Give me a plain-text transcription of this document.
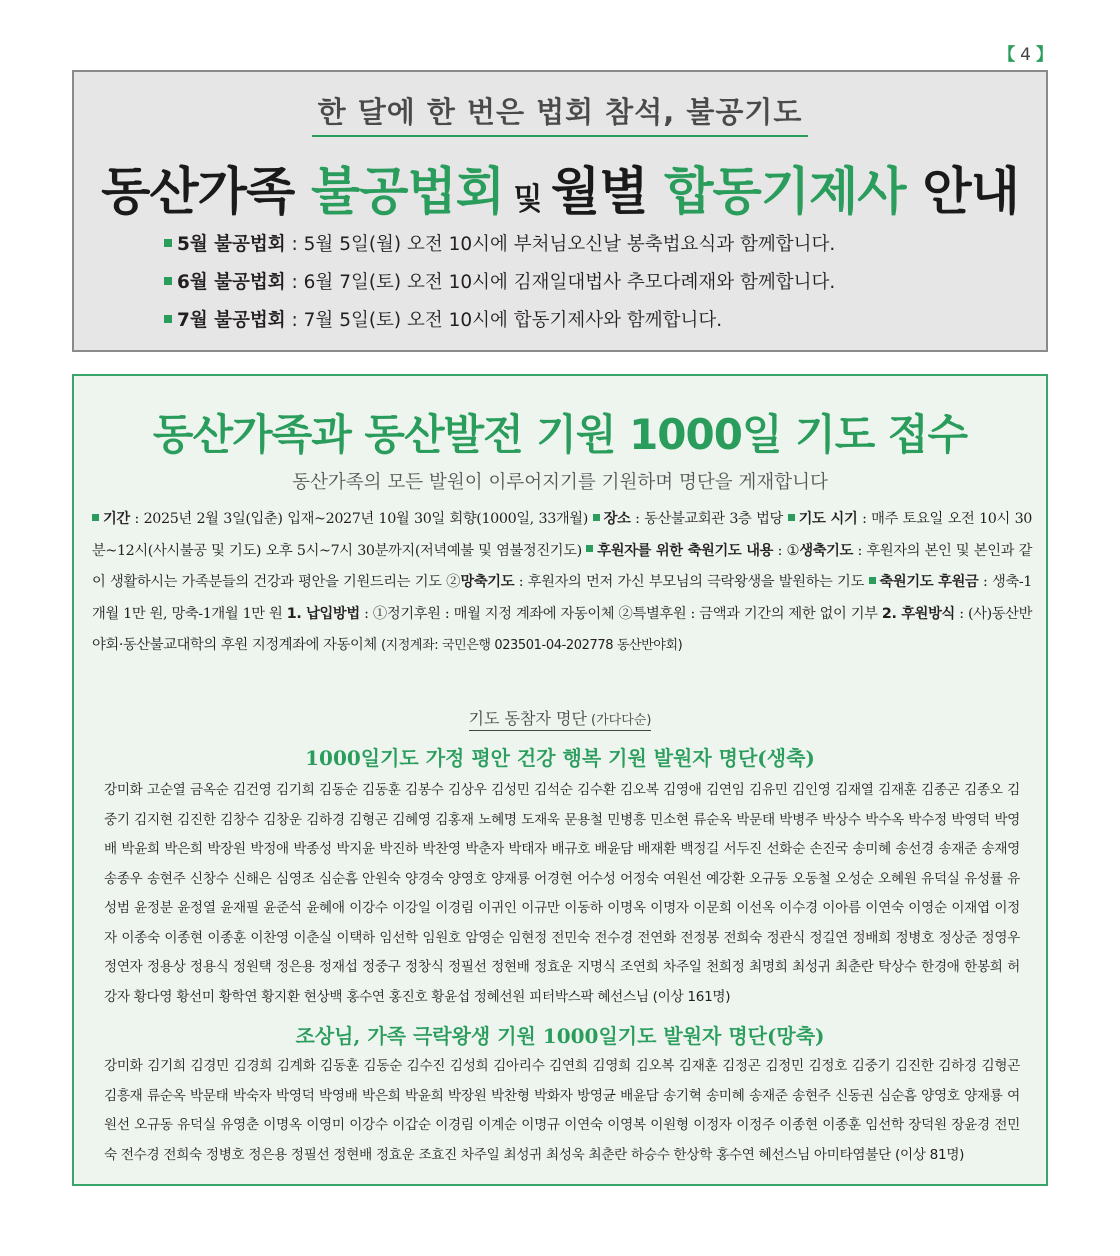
【 4 】
한 달에 한 번은 법회 참석, 불공기도
동산가족 불공법회 및 월별 합동기제사 안내
5월 불공법회 : 5월 5일(월) 오전 10시에 부처님오신날 봉축법요식과 함께합니다.
6월 불공법회 : 6월 7일(토) 오전 10시에 김재일대법사 추모다례재와 함께합니다.
7월 불공법회 : 7월 5일(토) 오전 10시에 합동기제사와 함께합니다.
동산가족과 동산발전 기원 1000일 기도 접수
동산가족의 모든 발원이 이루어지기를 기원하며 명단을 게재합니다
기간 : 2025년 2월 3일(입춘) 입재~2027년 10월 30일 회향(1000일, 33개월) 장소 : 동산불교회관 3층 법당 기도 시기 : 매주 토요일 오전 10시 30분~12시(사시불공 및 기도) 오후 5시~7시 30분까지(저녁예불 및 염불정진기도) 후원자를 위한 축원기도 내용 : ①생축기도 : 후원자의 본인 및 본인과 같이 생활하시는 가족분들의 건강과 평안을 기원드리는 기도 ②망축기도 : 후원자의 먼저 가신 부모님의 극락왕생을 발원하는 기도 축원기도 후원금 : 생축-1개월 1만 원, 망축-1개월 1만 원 1. 납입방법 : ①정기후원 : 매월 지정 계좌에 자동이체 ②특별후원 : 금액과 기간의 제한 없이 기부 2. 후원방식 : (사)동산반야회·동산불교대학의 후원 지정계좌에 자동이체 (지정계좌: 국민은행 023501-04-202778 동산반야회)
기도 동참자 명단 (가다다순)
1000일기도 가정 평안 건강 행복 기원 발원자 명단(생축)
강미화 고순열 금옥순 김건영 김기희 김동순 김동훈 김봉수 김상우 김성민 김석순 김수환 김오복 김영애 김연임 김유민 김인영 김재열 김재훈 김종곤 김종오 김중기 김지현 김진한 김창수 김창운 김하경 김형곤 김혜영 김홍재 노혜명 도재욱 문용철 민병흥 민소현 류순옥 박문태 박병주 박상수 박수옥 박수정 박영덕 박영배 박윤희 박은희 박장원 박정애 박종성 박지윤 박진하 박찬영 박춘자 박태자 배규호 배윤담 배재환 백정길 서두진 선화순 손진국 송미혜 송선경 송재준 송재영 송종우 송현주 신창수 신해은 심영조 심순흠 안원숙 양경숙 양영호 양재룡 어경현 어수성 어정숙 여원선 예강환 오규동 오동철 오성순 오혜원 유덕실 유성률 유성범 윤정분 윤정열 윤재필 윤준석 윤혜애 이강수 이강일 이경림 이귀인 이규만 이동하 이명옥 이명자 이문희 이선옥 이수경 이아름 이연숙 이영순 이재엽 이정자 이종숙 이종현 이종훈 이찬영 이춘실 이택하 임선학 임원호 암영순 임현정 전민숙 전수경 전연화 전정봉 전희숙 정관식 정길연 정배희 정병호 정상준 정영우 정연자 정용상 정용식 정원택 정은용 정재섭 정중구 정창식 정필선 정현배 정효운 지명식 조연희 차주일 천희정 최명희 최성귀 최춘란 탁상수 한경애 한봉희 허강자 황다영 황선미 황학연 황지환 현상백 홍수연 홍진호 황윤섭 정혜선원 피터박스팍 혜선스님 (이상 161명)
조상님, 가족 극락왕생 기원 1000일기도 발원자 명단(망축)
강미화 김기희 김경민 김경희 김계화 김동훈 김동순 김수진 김성희 김아리수 김연희 김영희 김오복 김재훈 김정곤 김정민 김정호 김중기 김진한 김하경 김형곤 김흥재 류순옥 박문태 박숙자 박영덕 박영배 박은희 박윤희 박장원 박찬형 박화자 방영균 배윤담 송기혁 송미혜 송재준 송현주 신동권 심순흠 양영호 양재룡 여원선 오규동 유덕실 유영춘 이명옥 이영미 이강수 이갑순 이경림 이계순 이명규 이연숙 이영복 이원형 이정자 이정주 이종현 이종훈 임선학 장덕원 장윤경 전민숙 전수경 전희숙 정병호 정은용 정필선 정현배 정효운 조효진 차주일 최성귀 최성욱 최춘란 하승수 한상학 홍수연 혜선스님 아미타염불단 (이상 81명)
